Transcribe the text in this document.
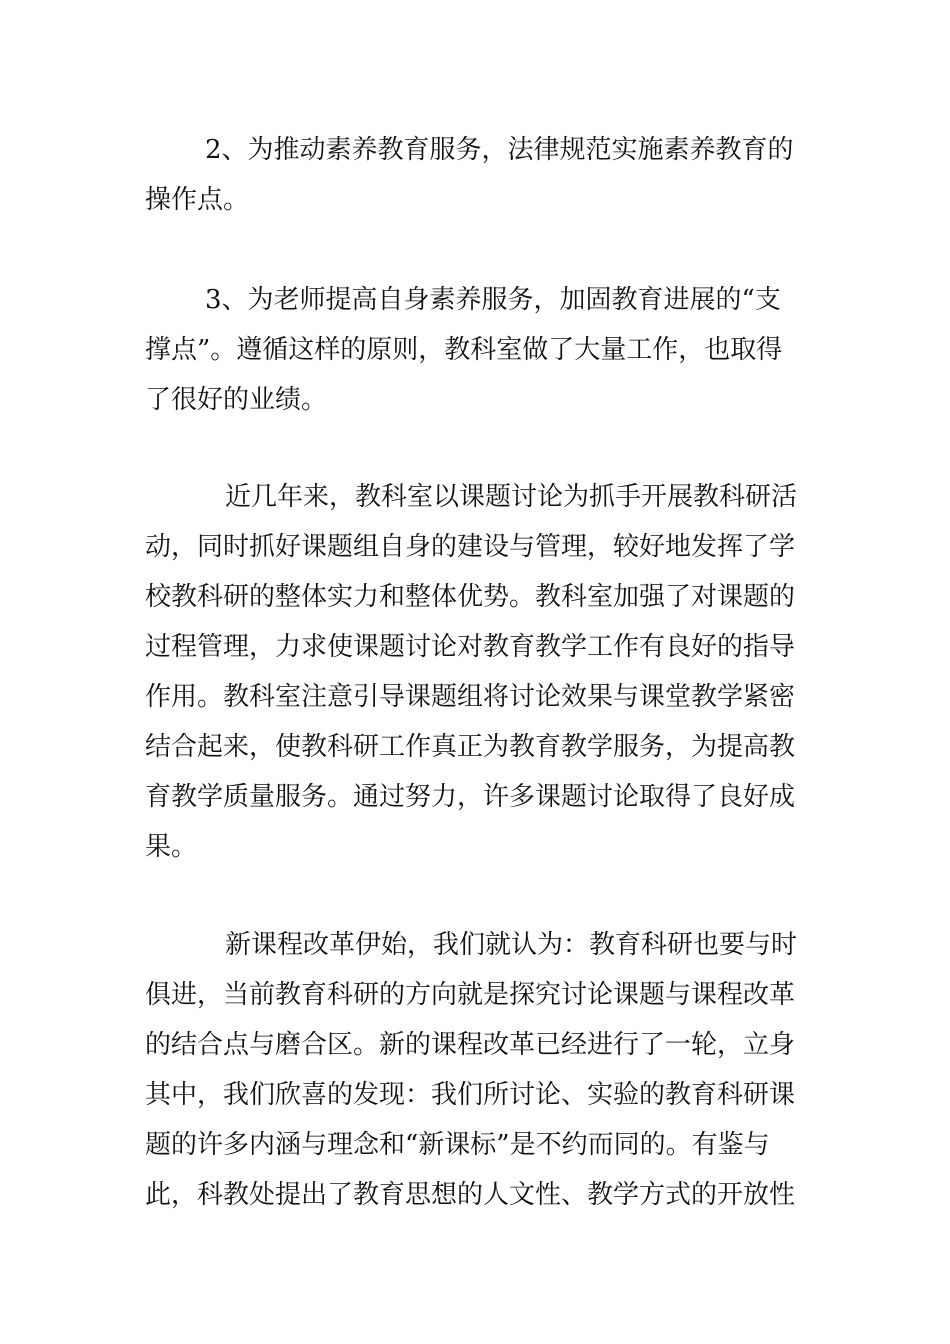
2、为推动素养教育服务，法律规范实施素养教育的
操作点。
3、为老师提高自身素养服务，加固教育进展的“支
撑点”。遵循这样的原则，教科室做了大量工作，也取得
了很好的业绩。
近几年来，教科室以课题讨论为抓手开展教科研活
动，同时抓好课题组自身的建设与管理，较好地发挥了学
校教科研的整体实力和整体优势。教科室加强了对课题的
过程管理，力求使课题讨论对教育教学工作有良好的指导
作用。教科室注意引导课题组将讨论效果与课堂教学紧密
结合起来，使教科研工作真正为教育教学服务，为提高教
育教学质量服务。通过努力，许多课题讨论取得了良好成
果。
新课程改革伊始，我们就认为：教育科研也要与时
俱进，当前教育科研的方向就是探究讨论课题与课程改革
的结合点与磨合区。新的课程改革已经进行了一轮，立身
其中，我们欣喜的发现：我们所讨论、实验的教育科研课
题的许多内涵与理念和“新课标”是不约而同的。有鉴与
此，科教处提出了教育思想的人文性、教学方式的开放性
